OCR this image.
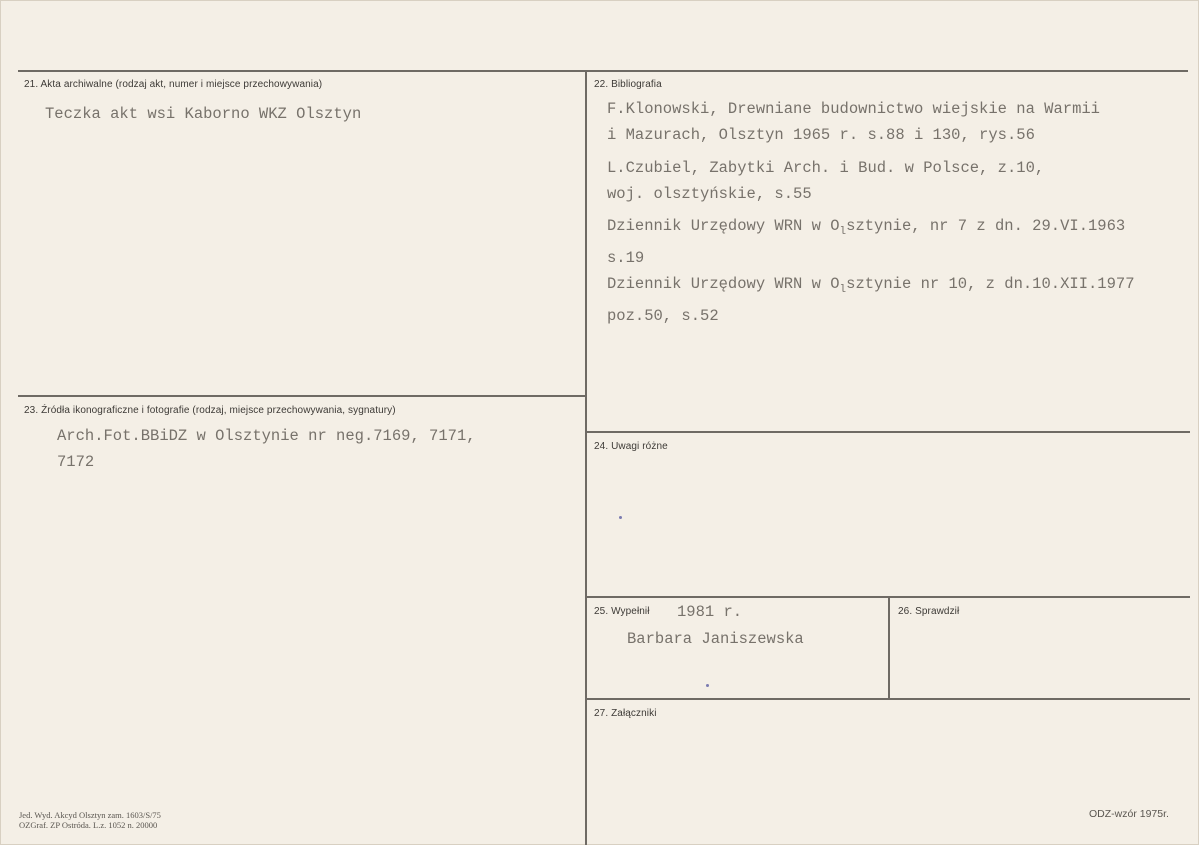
21. Akta archiwalne (rodzaj akt, numer i miejsce przechowywania)
Teczka akt wsi Kaborno WKZ Olsztyn
22. Bibliografia
F.Klonowski, Drewniane budownictwo wiejskie na Warmii
i Mazurach, Olsztyn 1965 r. s.88 i 130, rys.56
L.Czubiel, Zabytki Arch. i Bud. w Polsce, z.10,
woj. olsztyńskie, s.55
Dziennik Urzędowy WRN w $O_lsztynie$, nr 7 z dn. 29.VI.1963
s.19
Dziennik Urzędowy WRN w $O_lsztynie$ nr 10, z dn.10.XII.1977
poz.50, s.52
23. Źródła ikonograficzne i fotografie (rodzaj, miejsce przechowywania, sygnatury)
Arch.Fot.BBiDZ w Olsztynie nr neg.7169, 7171,
7172
24. Uwagi różne
25. Wypełnił 1981 r.
Barbara Janiszewska
26. Sprawdził
27. Załączniki
Jed. Wyd. Akcyd Olsztyn zam. 1603/S/75
OZGraf. ZP Ostróda. L.z. 1052 n. 20000
ODZ-wzór 1975r.
